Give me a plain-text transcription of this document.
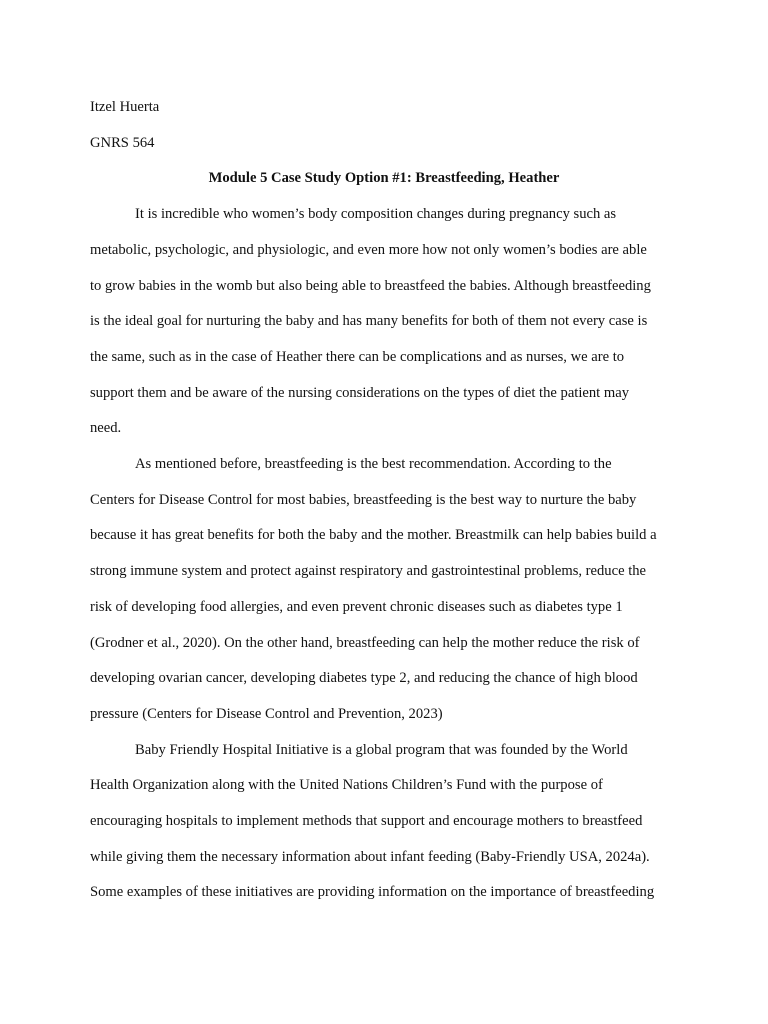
Itzel Huerta

GNRS 564

Module 5 Case Study Option #1: Breastfeeding, Heather

It is incredible who women’s body composition changes during pregnancy such as
metabolic, psychologic, and physiologic, and even more how not only women’s bodies are able
to grow babies in the womb but also being able to breastfeed the babies. Although breastfeeding
is the ideal goal for nurturing the baby and has many benefits for both of them not every case is
the same, such as in the case of Heather there can be complications and as nurses, we are to
support them and be aware of the nursing considerations on the types of diet the patient may
need.

As mentioned before, breastfeeding is the best recommendation. According to the
Centers for Disease Control for most babies, breastfeeding is the best way to nurture the baby
because it has great benefits for both the baby and the mother. Breastmilk can help babies build a
strong immune system and protect against respiratory and gastrointestinal problems, reduce the
risk of developing food allergies, and even prevent chronic diseases such as diabetes type 1
(Grodner et al., 2020). On the other hand, breastfeeding can help the mother reduce the risk of
developing ovarian cancer, developing diabetes type 2, and reducing the chance of high blood
pressure (Centers for Disease Control and Prevention, 2023)

Baby Friendly Hospital Initiative is a global program that was founded by the World
Health Organization along with the United Nations Children’s Fund with the purpose of
encouraging hospitals to implement methods that support and encourage mothers to breastfeed
while giving them the necessary information about infant feeding (Baby-Friendly USA, 2024a).
Some examples of these initiatives are providing information on the importance of breastfeeding
